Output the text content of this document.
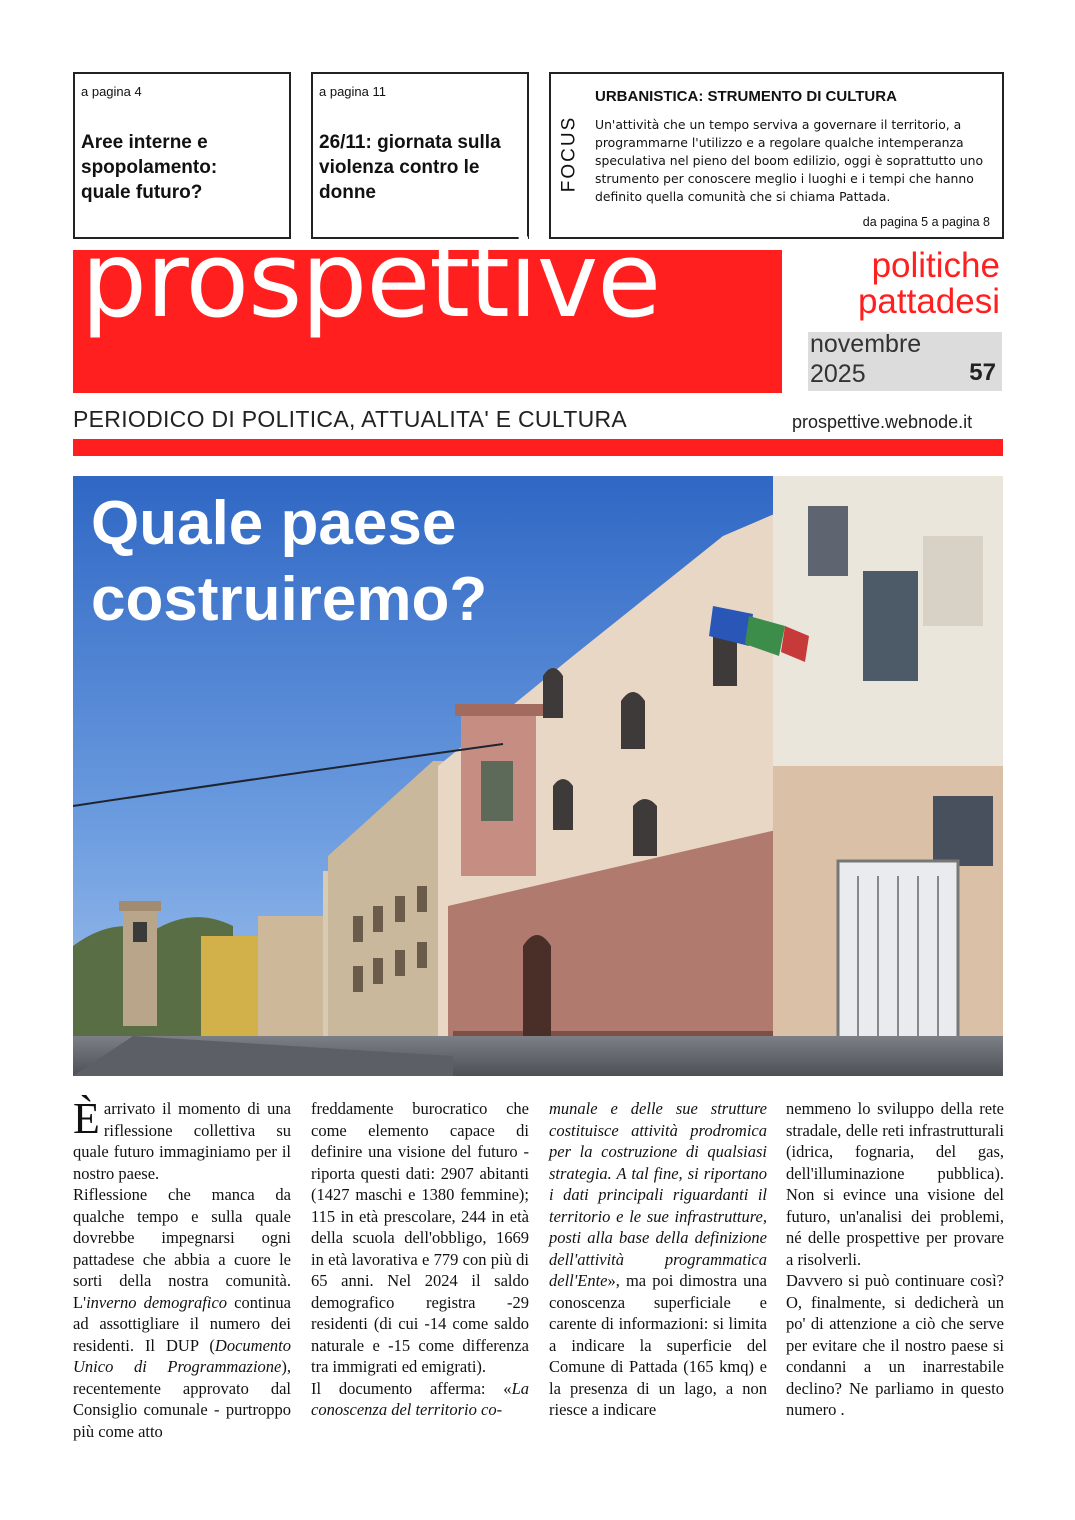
a pagina 4
Aree interne e spopolamento: quale futuro?
a pagina 11
26/11: giornata sulla violenza contro le donne
FOCUS
URBANISTICA: STRUMENTO DI CULTURA
Un'attività che un tempo serviva a governare il territorio, a programmarne l'utilizzo e a regolare qualche intemperanza speculativa nel pieno del boom edilizio, oggi è soprattutto uno strumento per conoscere meglio i luoghi e i tempi che hanno definito quella comunità che si chiama Pattada.
da pagina 5 a pagina 8
prospettive	politiche
pattadesi
novembre
2025	57
PERIODICO DI POLITICA, ATTUALITA' E CULTURA	prospettive.webnode.it
Quale paese
costruiremo?

Èarrivato il momento di una riflessione collettiva su quale futuro immaginiamo per il nostro paese.

Riflessione che manca da qualche tempo e sulla quale dovrebbe impegnarsi ogni pattadese che abbia a cuore le sorti della nostra comunità. L'inverno demografico continua ad assottigliare il numero dei residenti. Il DUP (Documento Unico di Programmazione), recentemente approvato dal Consiglio comunale - purtroppo più come atto

freddamente burocratico che come elemento capace di definire una visione del futuro - riporta questi dati: 2907 abitanti (1427 maschi e 1380 femmine); 115 in età prescolare, 244 in età della scuola dell'obbligo, 1669 in età lavorativa e 779 con più di 65 anni. Nel 2024 il saldo demografico registra -29 residenti (di cui -14 come saldo naturale e -15 come differenza tra immigrati ed emigrati).

Il documento afferma: «La conoscenza del territorio co-

munale e delle sue strutture costituisce attività prodromica per la costruzione di qualsiasi strategia. A tal fine, si riportano i dati principali riguardanti il territorio e le sue infrastrutture, posti alla base della definizione dell'attività programmatica dell'Ente», ma poi dimostra una conoscenza superficiale e carente di informazioni: si limita a indicare la superficie del Comune di Pattada (165 kmq) e la presenza di un lago, a non riesce a indicare

nemmeno lo sviluppo della rete stradale, delle reti infrastrutturali (idrica, fognaria, del gas, dell'illuminazione pubblica). Non si evince una visione del futuro, un'analisi dei problemi, né delle prospettive per provare a risolverli.

Davvero si può continuare così? O, finalmente, si dedicherà un po' di attenzione a ciò che serve per evitare che il nostro paese si condanni a un inarrestabile declino? Ne parliamo in questo numero .
